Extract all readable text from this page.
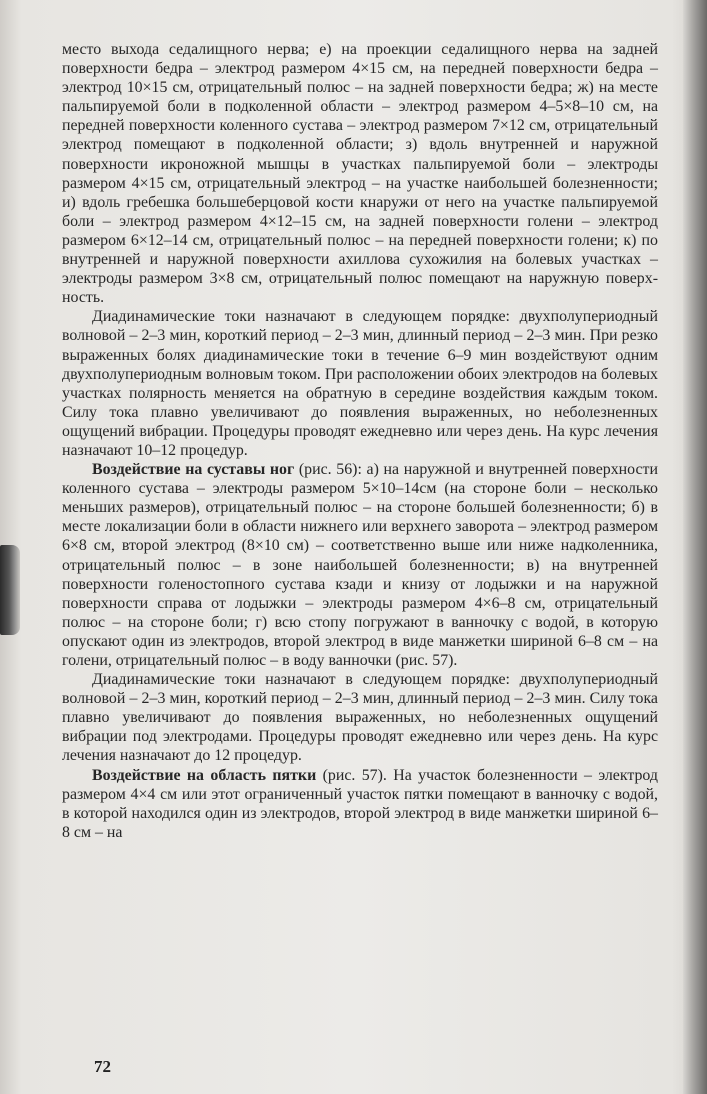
место выхода седалищного нерва; е) на проекции седалищного нерва на задней поверхности бедра – электрод размером 4×15 см, на передней поверхности бедра – электрод 10×15 см, отрицательный полюс – на задней поверхности бедра; ж) на месте пальпируемой боли в подколенной области – электрод размером 4–5×8–10 см, на передней поверхности коленного сустава – электрод размером 7×12 см, отрицательный электрод помещают в подколенной области; з) вдоль внутренней и наружной поверхности икроножной мышцы в участках пальпируемой боли – электроды размером 4×15 см, отрицательный электрод – на участке наибольшей болезненности; и) вдоль гребешка большеберцовой кости кнаружи от него на участке пальпируемой боли – электрод размером 4×12–15 см, на задней поверхности голени – электрод размером 6×12–14 см, отрицательный полюс – на передней поверхности голени; к) по внутренней и наружной поверхности ахиллова сухожилия на болевых участках – электроды размером 3×8 см, отрицательный полюс помещают на наружную поверхность.

Диадинамические токи назначают в следующем порядке: двухполупериодный волновой – 2–3 мин, короткий период – 2–3 мин, длинный период – 2–3 мин. При резко выраженных болях диадинамические токи в течение 6–9 мин воздействуют одним двухполупериодным волновым током. При расположении обоих электродов на болевых участках полярность меняется на обратную в середине воздействия каждым током. Силу тока плавно увеличивают до появления выраженных, но неболезненных ощущений вибрации. Процедуры проводят ежедневно или через день. На курс лечения назначают 10–12 процедур.

Воздействие на суставы ног (рис. 56): а) на наружной и внутренней поверхности коленного сустава – электроды размером 5×10–14см (на стороне боли – несколько меньших размеров), отрицательный полюс – на стороне большей болезненности; б) в месте локализации боли в области нижнего или верхнего заворота – электрод размером 6×8 см, второй электрод (8×10 см) – соответственно выше или ниже надколенника, отрицательный полюс – в зоне наибольшей болезненности; в) на внутренней поверхности голеностопного сустава кзади и книзу от лодыжки и на наружной поверхности справа от лодыжки – электроды размером 4×6–8 см, отрицательный полюс – на стороне боли; г) всю стопу погружают в ванночку с водой, в которую опускают один из электродов, второй электрод в виде манжетки шириной 6–8 см – на голени, отрицательный полюс – в воду ванночки (рис. 57).

Диадинамические токи назначают в следующем порядке: двухполупериодный волновой – 2–3 мин, короткий период – 2–3 мин, длинный период – 2–3 мин. Силу тока плавно увеличивают до появления выраженных, но неболезненных ощущений вибрации под электродами. Процедуры проводят ежедневно или через день. На курс лечения назначают до 12 процедур.

Воздействие на область пятки (рис. 57). На участок болезненности – электрод размером 4×4 см или этот ограниченный участок пятки помещают в ванночку с водой, в которой находился один из электродов, второй электрод в виде манжетки шириной 6–8 см – на

72
